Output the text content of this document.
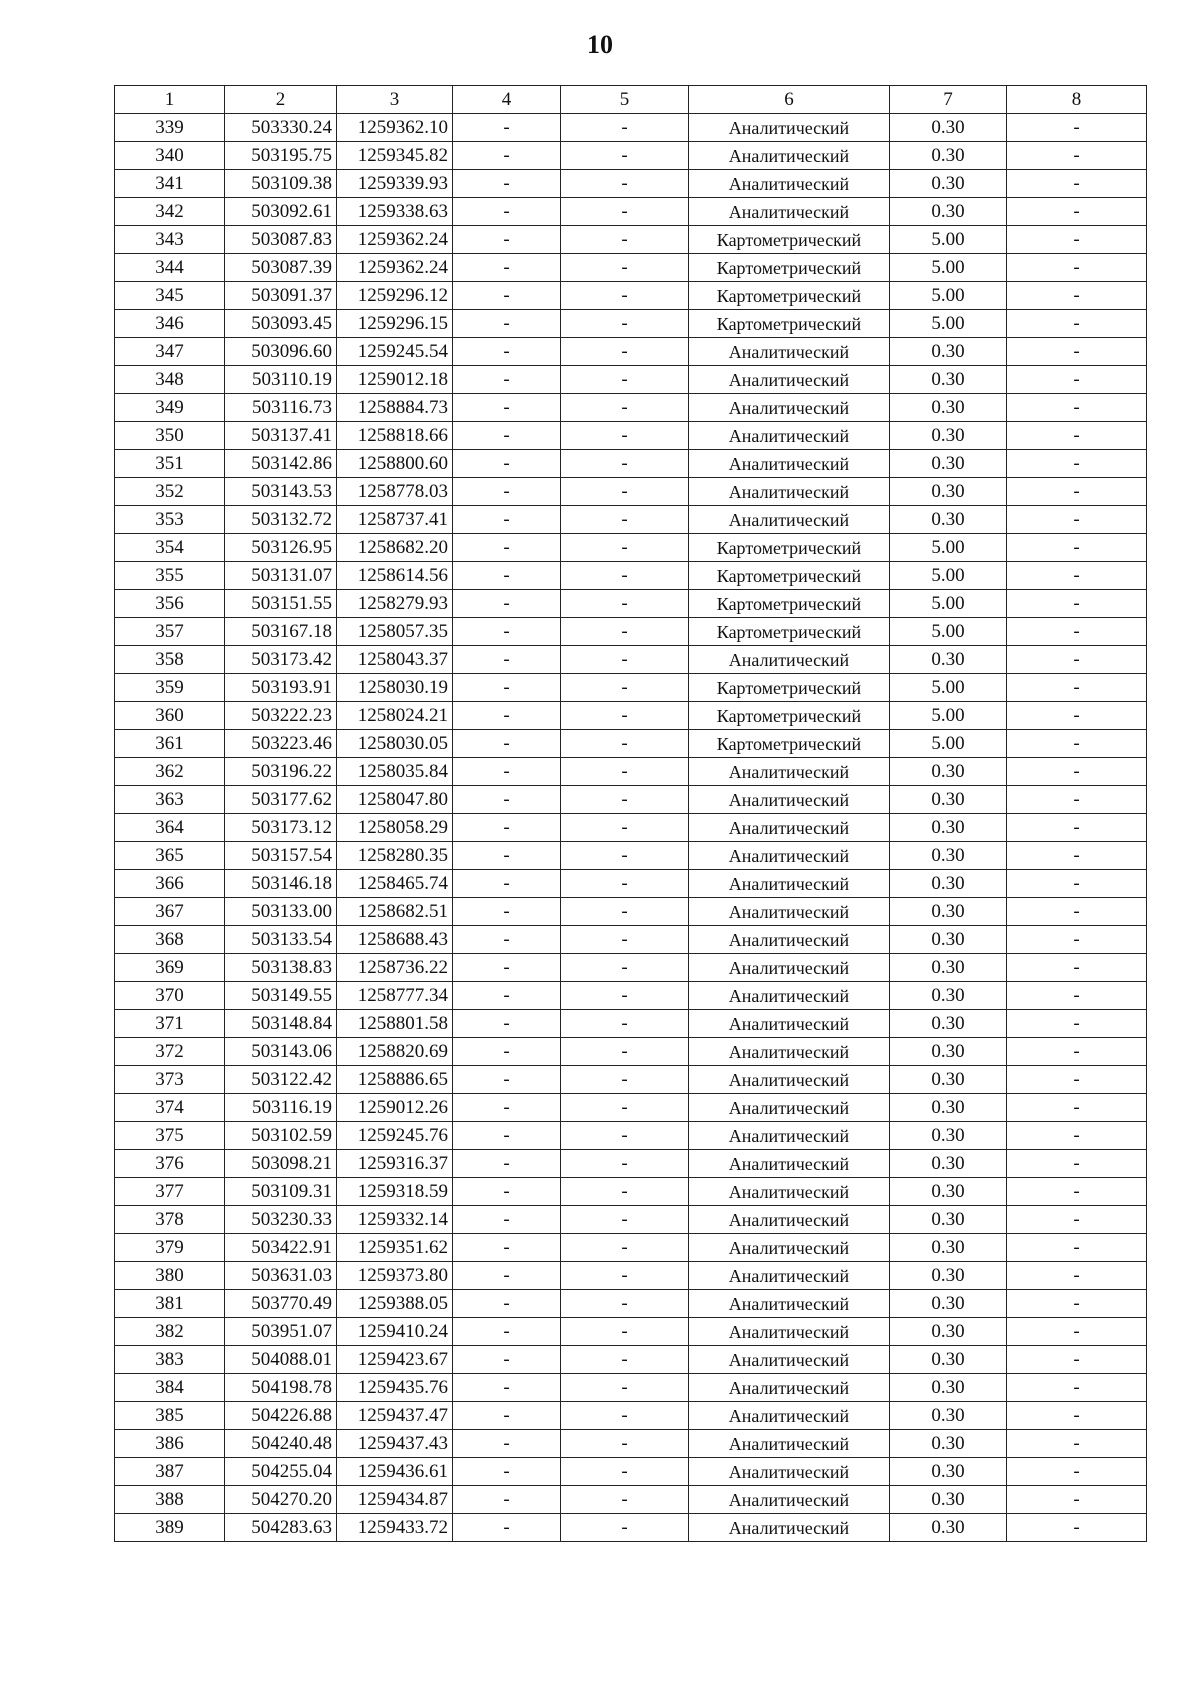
10
1	2	3	4	5	6	7	8
339	503330.24	1259362.10	-	-	Аналитический	0.30	-
340	503195.75	1259345.82	-	-	Аналитический	0.30	-
341	503109.38	1259339.93	-	-	Аналитический	0.30	-
342	503092.61	1259338.63	-	-	Аналитический	0.30	-
343	503087.83	1259362.24	-	-	Картометрический	5.00	-
344	503087.39	1259362.24	-	-	Картометрический	5.00	-
345	503091.37	1259296.12	-	-	Картометрический	5.00	-
346	503093.45	1259296.15	-	-	Картометрический	5.00	-
347	503096.60	1259245.54	-	-	Аналитический	0.30	-
348	503110.19	1259012.18	-	-	Аналитический	0.30	-
349	503116.73	1258884.73	-	-	Аналитический	0.30	-
350	503137.41	1258818.66	-	-	Аналитический	0.30	-
351	503142.86	1258800.60	-	-	Аналитический	0.30	-
352	503143.53	1258778.03	-	-	Аналитический	0.30	-
353	503132.72	1258737.41	-	-	Аналитический	0.30	-
354	503126.95	1258682.20	-	-	Картометрический	5.00	-
355	503131.07	1258614.56	-	-	Картометрический	5.00	-
356	503151.55	1258279.93	-	-	Картометрический	5.00	-
357	503167.18	1258057.35	-	-	Картометрический	5.00	-
358	503173.42	1258043.37	-	-	Аналитический	0.30	-
359	503193.91	1258030.19	-	-	Картометрический	5.00	-
360	503222.23	1258024.21	-	-	Картометрический	5.00	-
361	503223.46	1258030.05	-	-	Картометрический	5.00	-
362	503196.22	1258035.84	-	-	Аналитический	0.30	-
363	503177.62	1258047.80	-	-	Аналитический	0.30	-
364	503173.12	1258058.29	-	-	Аналитический	0.30	-
365	503157.54	1258280.35	-	-	Аналитический	0.30	-
366	503146.18	1258465.74	-	-	Аналитический	0.30	-
367	503133.00	1258682.51	-	-	Аналитический	0.30	-
368	503133.54	1258688.43	-	-	Аналитический	0.30	-
369	503138.83	1258736.22	-	-	Аналитический	0.30	-
370	503149.55	1258777.34	-	-	Аналитический	0.30	-
371	503148.84	1258801.58	-	-	Аналитический	0.30	-
372	503143.06	1258820.69	-	-	Аналитический	0.30	-
373	503122.42	1258886.65	-	-	Аналитический	0.30	-
374	503116.19	1259012.26	-	-	Аналитический	0.30	-
375	503102.59	1259245.76	-	-	Аналитический	0.30	-
376	503098.21	1259316.37	-	-	Аналитический	0.30	-
377	503109.31	1259318.59	-	-	Аналитический	0.30	-
378	503230.33	1259332.14	-	-	Аналитический	0.30	-
379	503422.91	1259351.62	-	-	Аналитический	0.30	-
380	503631.03	1259373.80	-	-	Аналитический	0.30	-
381	503770.49	1259388.05	-	-	Аналитический	0.30	-
382	503951.07	1259410.24	-	-	Аналитический	0.30	-
383	504088.01	1259423.67	-	-	Аналитический	0.30	-
384	504198.78	1259435.76	-	-	Аналитический	0.30	-
385	504226.88	1259437.47	-	-	Аналитический	0.30	-
386	504240.48	1259437.43	-	-	Аналитический	0.30	-
387	504255.04	1259436.61	-	-	Аналитический	0.30	-
388	504270.20	1259434.87	-	-	Аналитический	0.30	-
389	504283.63	1259433.72	-	-	Аналитический	0.30	-
